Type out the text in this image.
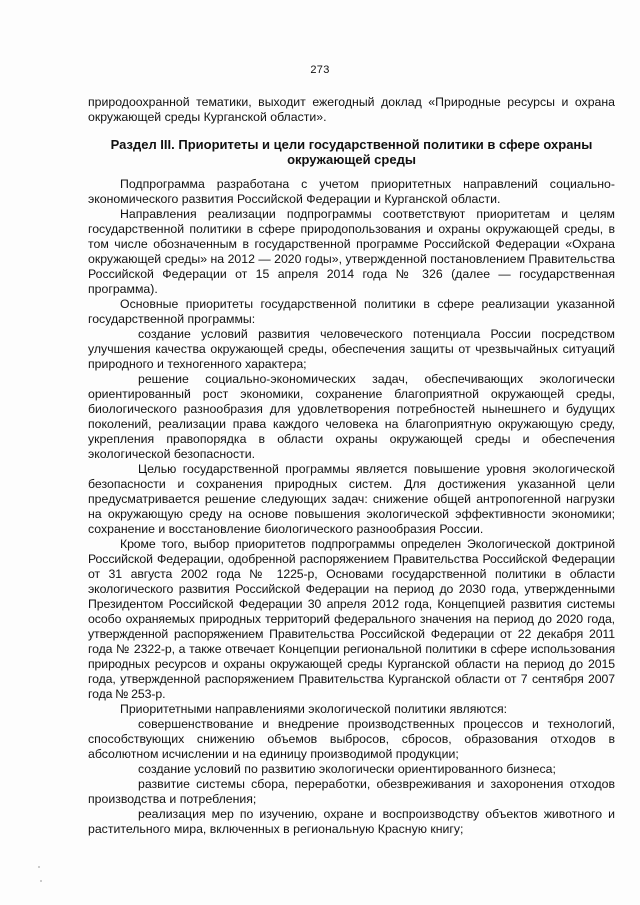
273

природоохранной тематики, выходит ежегодный доклад «Природные ресурсы и охрана окружающей среды Курганской области».

Раздел III. Приоритеты и цели государственной политики в сфере охраны окружающей среды

Подпрограмма разработана с учетом приоритетных направлений социально-экономического развития Российской Федерации и Курганской области.

Направления реализации подпрограммы соответствуют приоритетам и целям государственной политики в сфере природопользования и охраны окружающей среды, в том числе обозначенным в государственной программе Российской Федерации «Охрана окружающей среды» на 2012 — 2020 годы», утвержденной постановлением Правительства Российской Федерации от 15 апреля 2014 года № 326 (далее — государственная программа).

Основные приоритеты государственной политики в сфере реализации указанной государственной программы:

создание условий развития человеческого потенциала России посредством улучшения качества окружающей среды, обеспечения защиты от чрезвычайных ситуаций природного и техногенного характера;

решение социально-экономических задач, обеспечивающих экологически ориентированный рост экономики, сохранение благоприятной окружающей среды, биологического разнообразия для удовлетворения потребностей нынешнего и будущих поколений, реализации права каждого человека на благоприятную окружающую среду, укрепления правопорядка в области охраны окружающей среды и обеспечения экологической безопасности.

Целью государственной программы является повышение уровня экологической безопасности и сохранения природных систем. Для достижения указанной цели предусматривается решение следующих задач: снижение общей антропогенной нагрузки на окружающую среду на основе повышения экологической эффективности экономики; сохранение и восстановление биологического разнообразия России.

Кроме того, выбор приоритетов подпрограммы определен Экологической доктриной Российской Федерации, одобренной распоряжением Правительства Российской Федерации от 31 августа 2002 года № 1225-р, Основами государственной политики в области экологического развития Российской Федерации на период до 2030 года, утвержденными Президентом Российской Федерации 30 апреля 2012 года, Концепцией развития системы особо охраняемых природных территорий федерального значения на период до 2020 года, утвержденной распоряжением Правительства Российской Федерации от 22 декабря 2011 года № 2322-р, а также отвечает Концепции региональной политики в сфере использования природных ресурсов и охраны окружающей среды Курганской области на период до 2015 года, утвержденной распоряжением Правительства Курганской области от 7 сентября 2007 года № 253-р.

Приоритетными направлениями экологической политики являются:

совершенствование и внедрение производственных процессов и технологий, способствующих снижению объемов выбросов, сбросов, образования отходов в абсолютном исчислении и на единицу производимой продукции;

создание условий по развитию экологически ориентированного бизнеса;

развитие системы сбора, переработки, обезвреживания и захоронения отходов производства и потребления;

реализация мер по изучению, охране и воспроизводству объектов животного и растительного мира, включенных в региональную Красную книгу;
